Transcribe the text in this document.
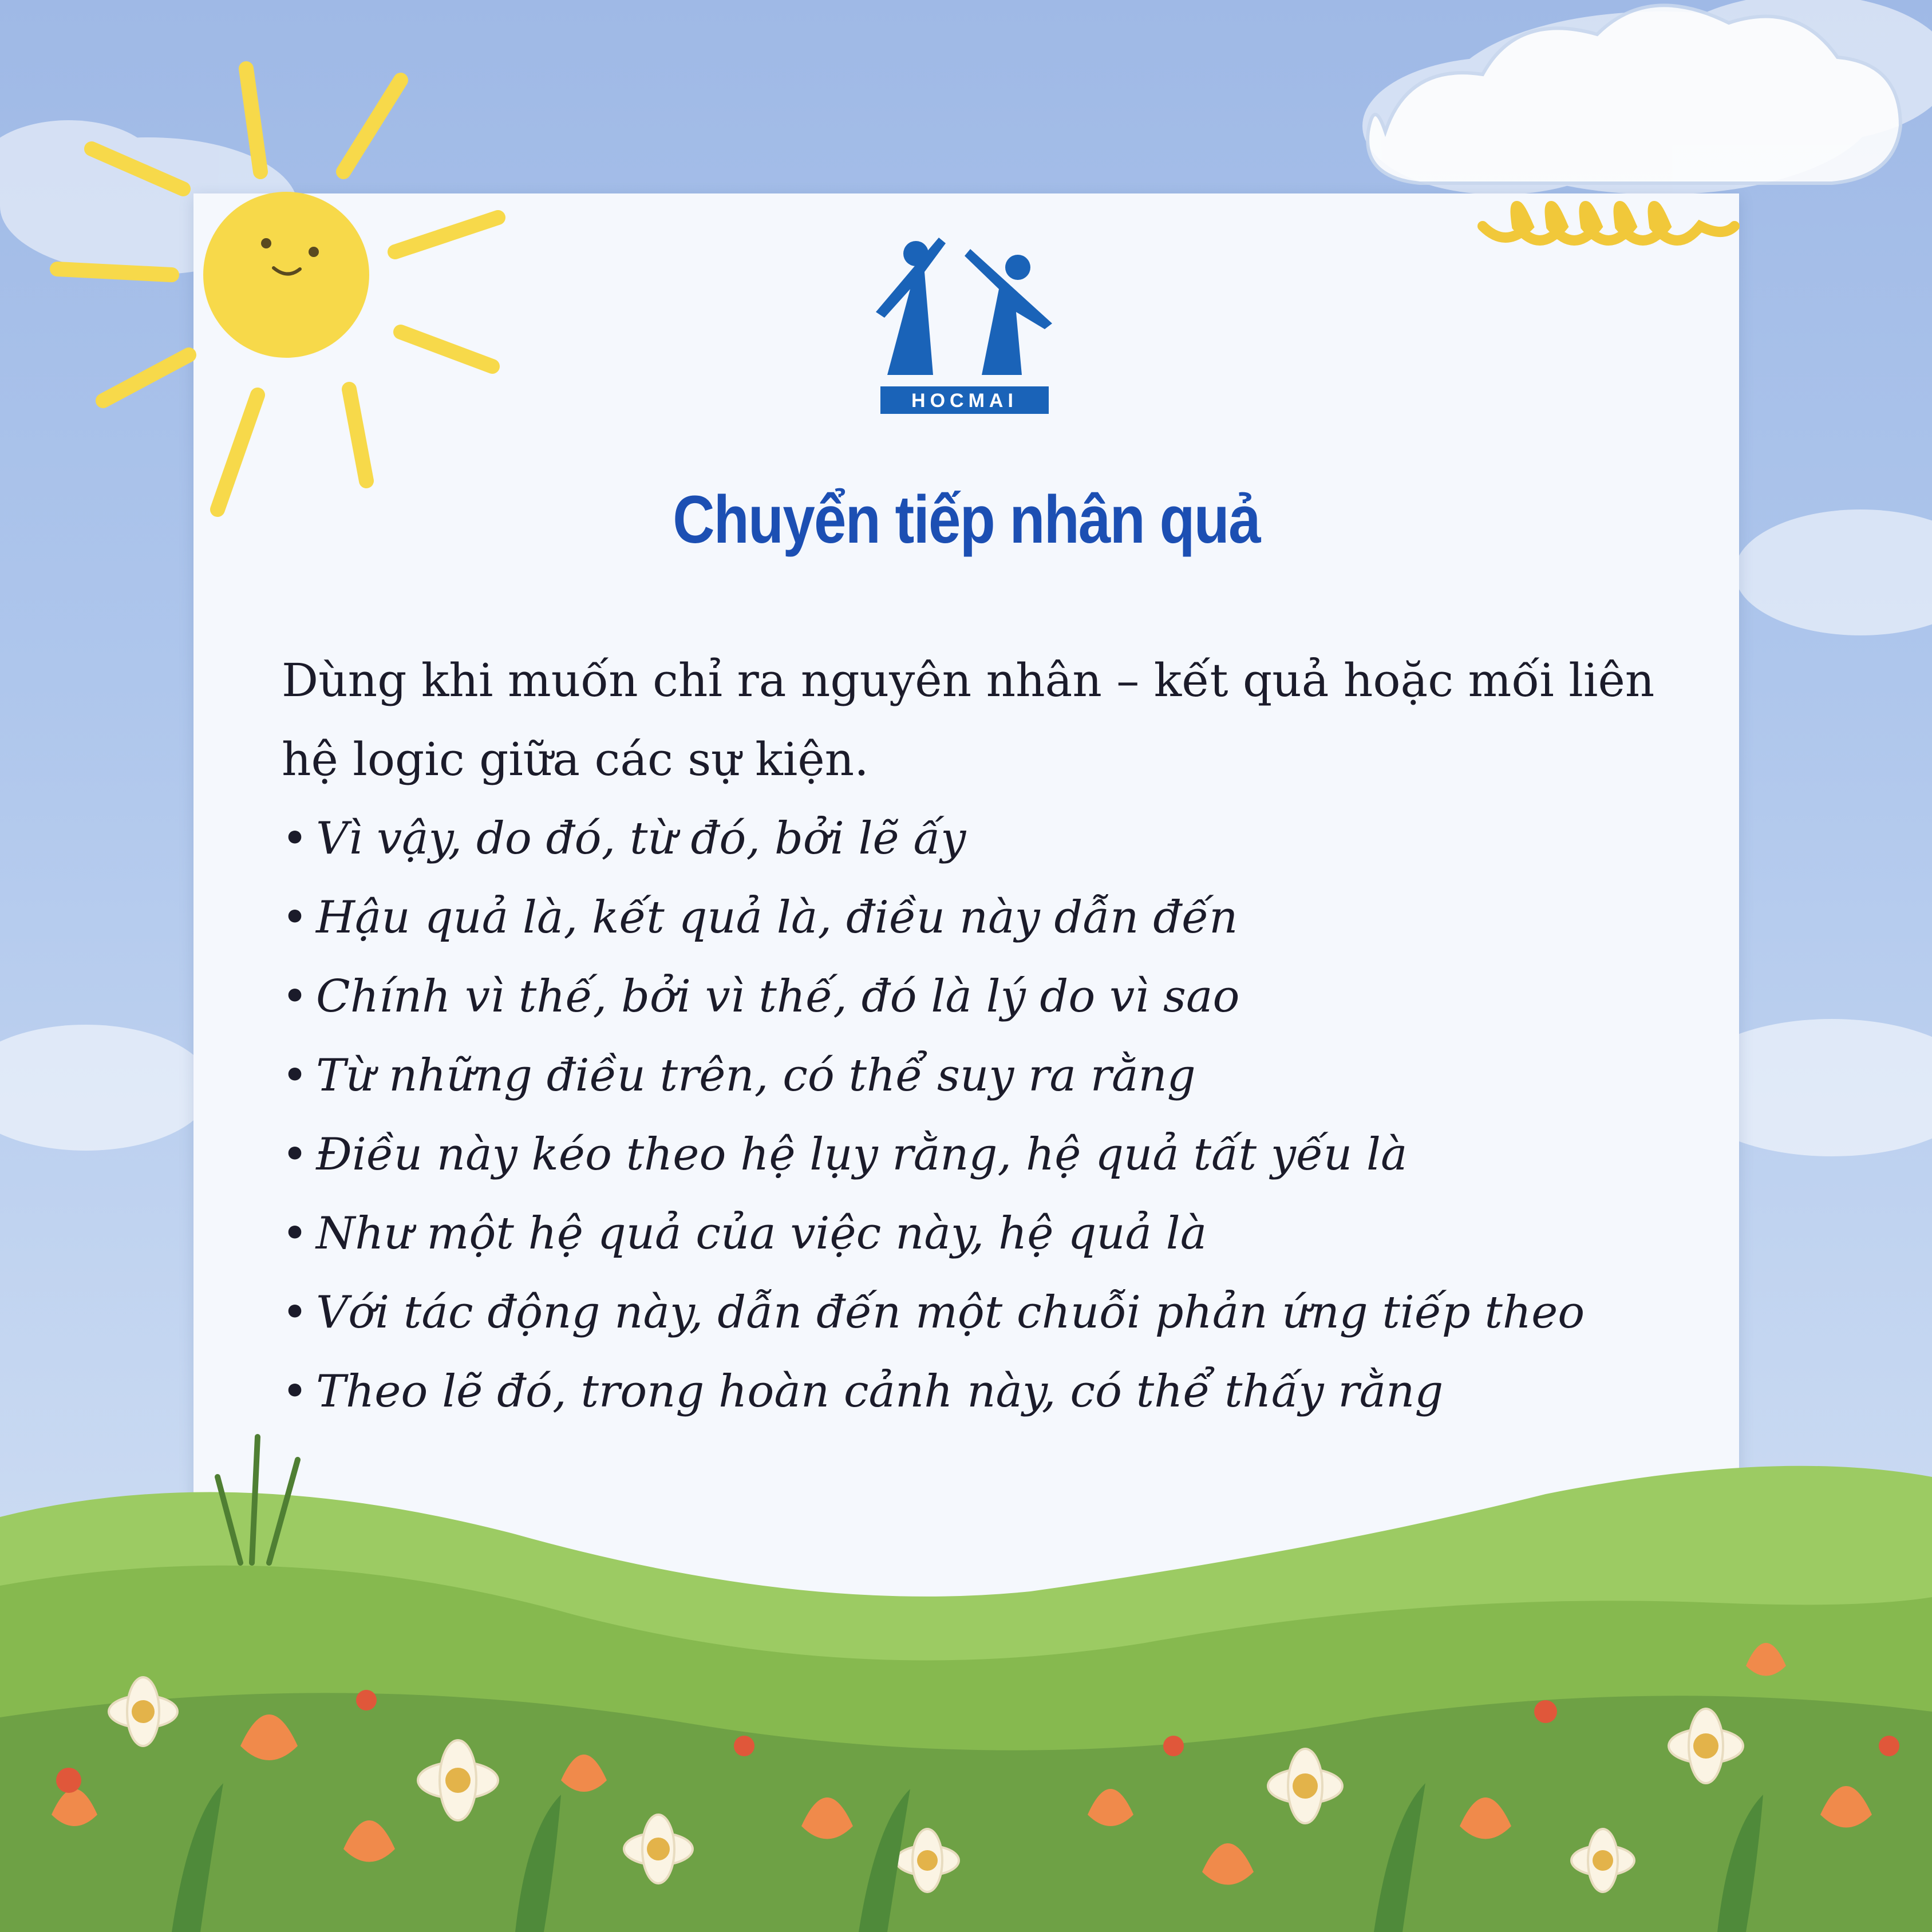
HOCMAI
Chuyển tiếp nhân quả

Dùng khi muốn chỉ ra nguyên nhân – kết quả hoặc mối liên hệ logic giữa các sự kiện.

• Vì vậy, do đó, từ đó, bởi lẽ ấy
• Hậu quả là, kết quả là, điều này dẫn đến
• Chính vì thế, bởi vì thế, đó là lý do vì sao
• Từ những điều trên, có thể suy ra rằng
• Điều này kéo theo hệ lụy rằng, hệ quả tất yếu là
• Như một hệ quả của việc này, hệ quả là
• Với tác động này, dẫn đến một chuỗi phản ứng tiếp theo
• Theo lẽ đó, trong hoàn cảnh này, có thể thấy rằng
